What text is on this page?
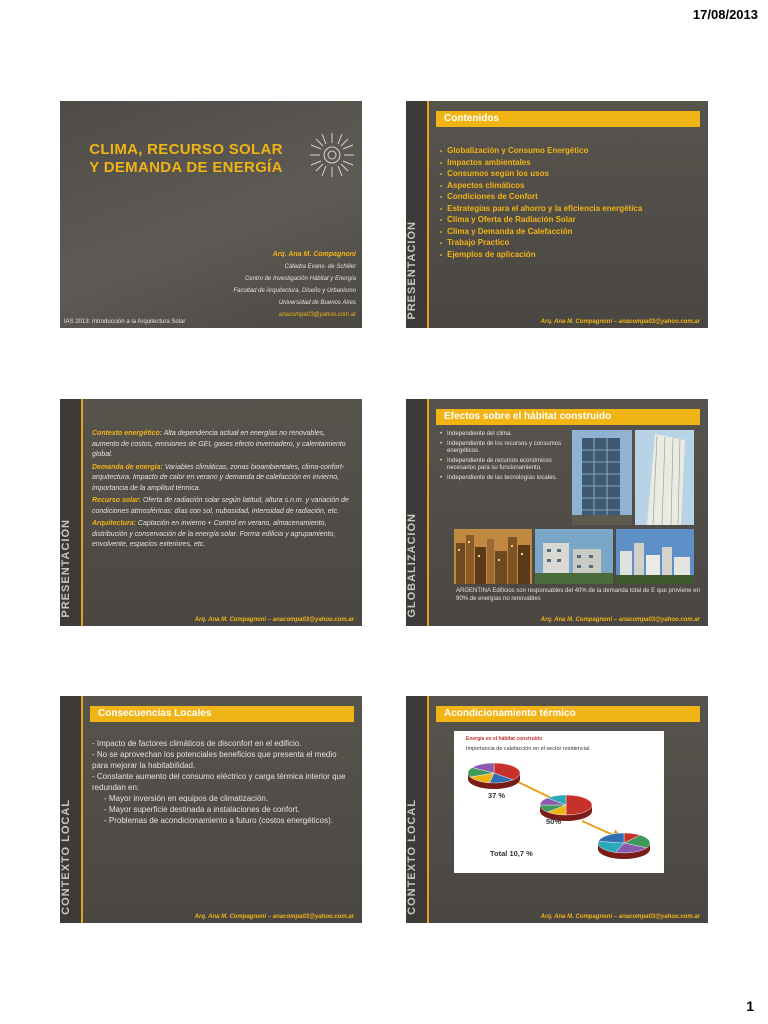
17/08/2013
CLIMA, RECURSO SOLAR
Y DEMANDA DE ENERGÍA
Arq. Ana M. Compagnoni
Cátedra Evans- de Schiller
Centro de Investigación Hábitat y Energía
Facultad de Arquitectura, Diseño y Urbanismo
Universidad de Buenos Aires
anacompa03@yahoo.com.ar
IAS 2013: Introducción a la Arquitectura Solar
PRESENTACIÓN
Contenidos
• Globalización y Consumo Energético
• Impactos ambientales
• Consumos según los usos
• Aspectos climáticos
• Condiciones de Confort
• Estrategias para el ahorro y la eficiencia energética
• Clima y Oferta de Radiación Solar
• Clima y Demanda de Calefacción
• Trabajo Practico
• Ejemplos de aplicación
Arq. Ana M. Compagnoni – anacompa03@yahoo.com.ar
PRESENTACIÓN

Contexto energético: Alta dependencia actual en energías no renovables, aumento de costos, emisiones de GEI, gases efecto invernadero, y calentamiento global.

Demanda de energía: Variables climáticas, zonas bioambientales, clima-confort-arquitectura. Impacto de calor en verano y demanda de calefacción en invierno, importancia de la amplitud térmica.

Recurso solar: Oferta de radiación solar según latitud, altura s.n.m. y variación de condiciones atmosféricas: días con sol, nubosidad, intensidad de radiación, etc.

Arquitectura: Captación en invierno + Control en verano, almacenamiento, distribución y conservación de la energía solar. Forma edilicia y agrupamiento, envolvente, espacios exteriores, etc.

Arq. Ana M. Compagnoni – anacompa03@yahoo.com.ar
GLOBALIZACIÓN
Efectos sobre el hábitat construido
• Independiente del clima.
• Independiente de los recursos y consumos energéticos.
• Independiente de recursos económicos necesarios para su funcionamiento.
• Independiente de las tecnologías locales.
ARGENTINA Edificios son responsables del 40% de la demanda total de E que proviene en 90% de energías no renovables
Arq. Ana M. Compagnoni – anacompa03@yahoo.com.ar
CONTEXTO LOCAL
Consecuencias Locales

- Impacto de factores climáticos de disconfort en el edificio.

- No se aprovechan los potenciales beneficios que presenta el medio para mejorar la habitabilidad.

- Constante aumento del consumo eléctrico y carga térmica interior que redundan en:

- Mayor inversión en equipos de climatización.

- Mayor superficie destinada a instalaciones de confort.

- Problemas de acondicionamiento a futuro (costos energéticos).

Arq. Ana M. Compagnoni – anacompa03@yahoo.com.ar
CONTEXTO LOCAL
Acondicionamiento térmico
Energía en el hábitat construido
Importancia de calefacción en el sector residencial
37 %
50%
Total 10,7 %
Arq. Ana M. Compagnoni – anacompa03@yahoo.com.ar
1
